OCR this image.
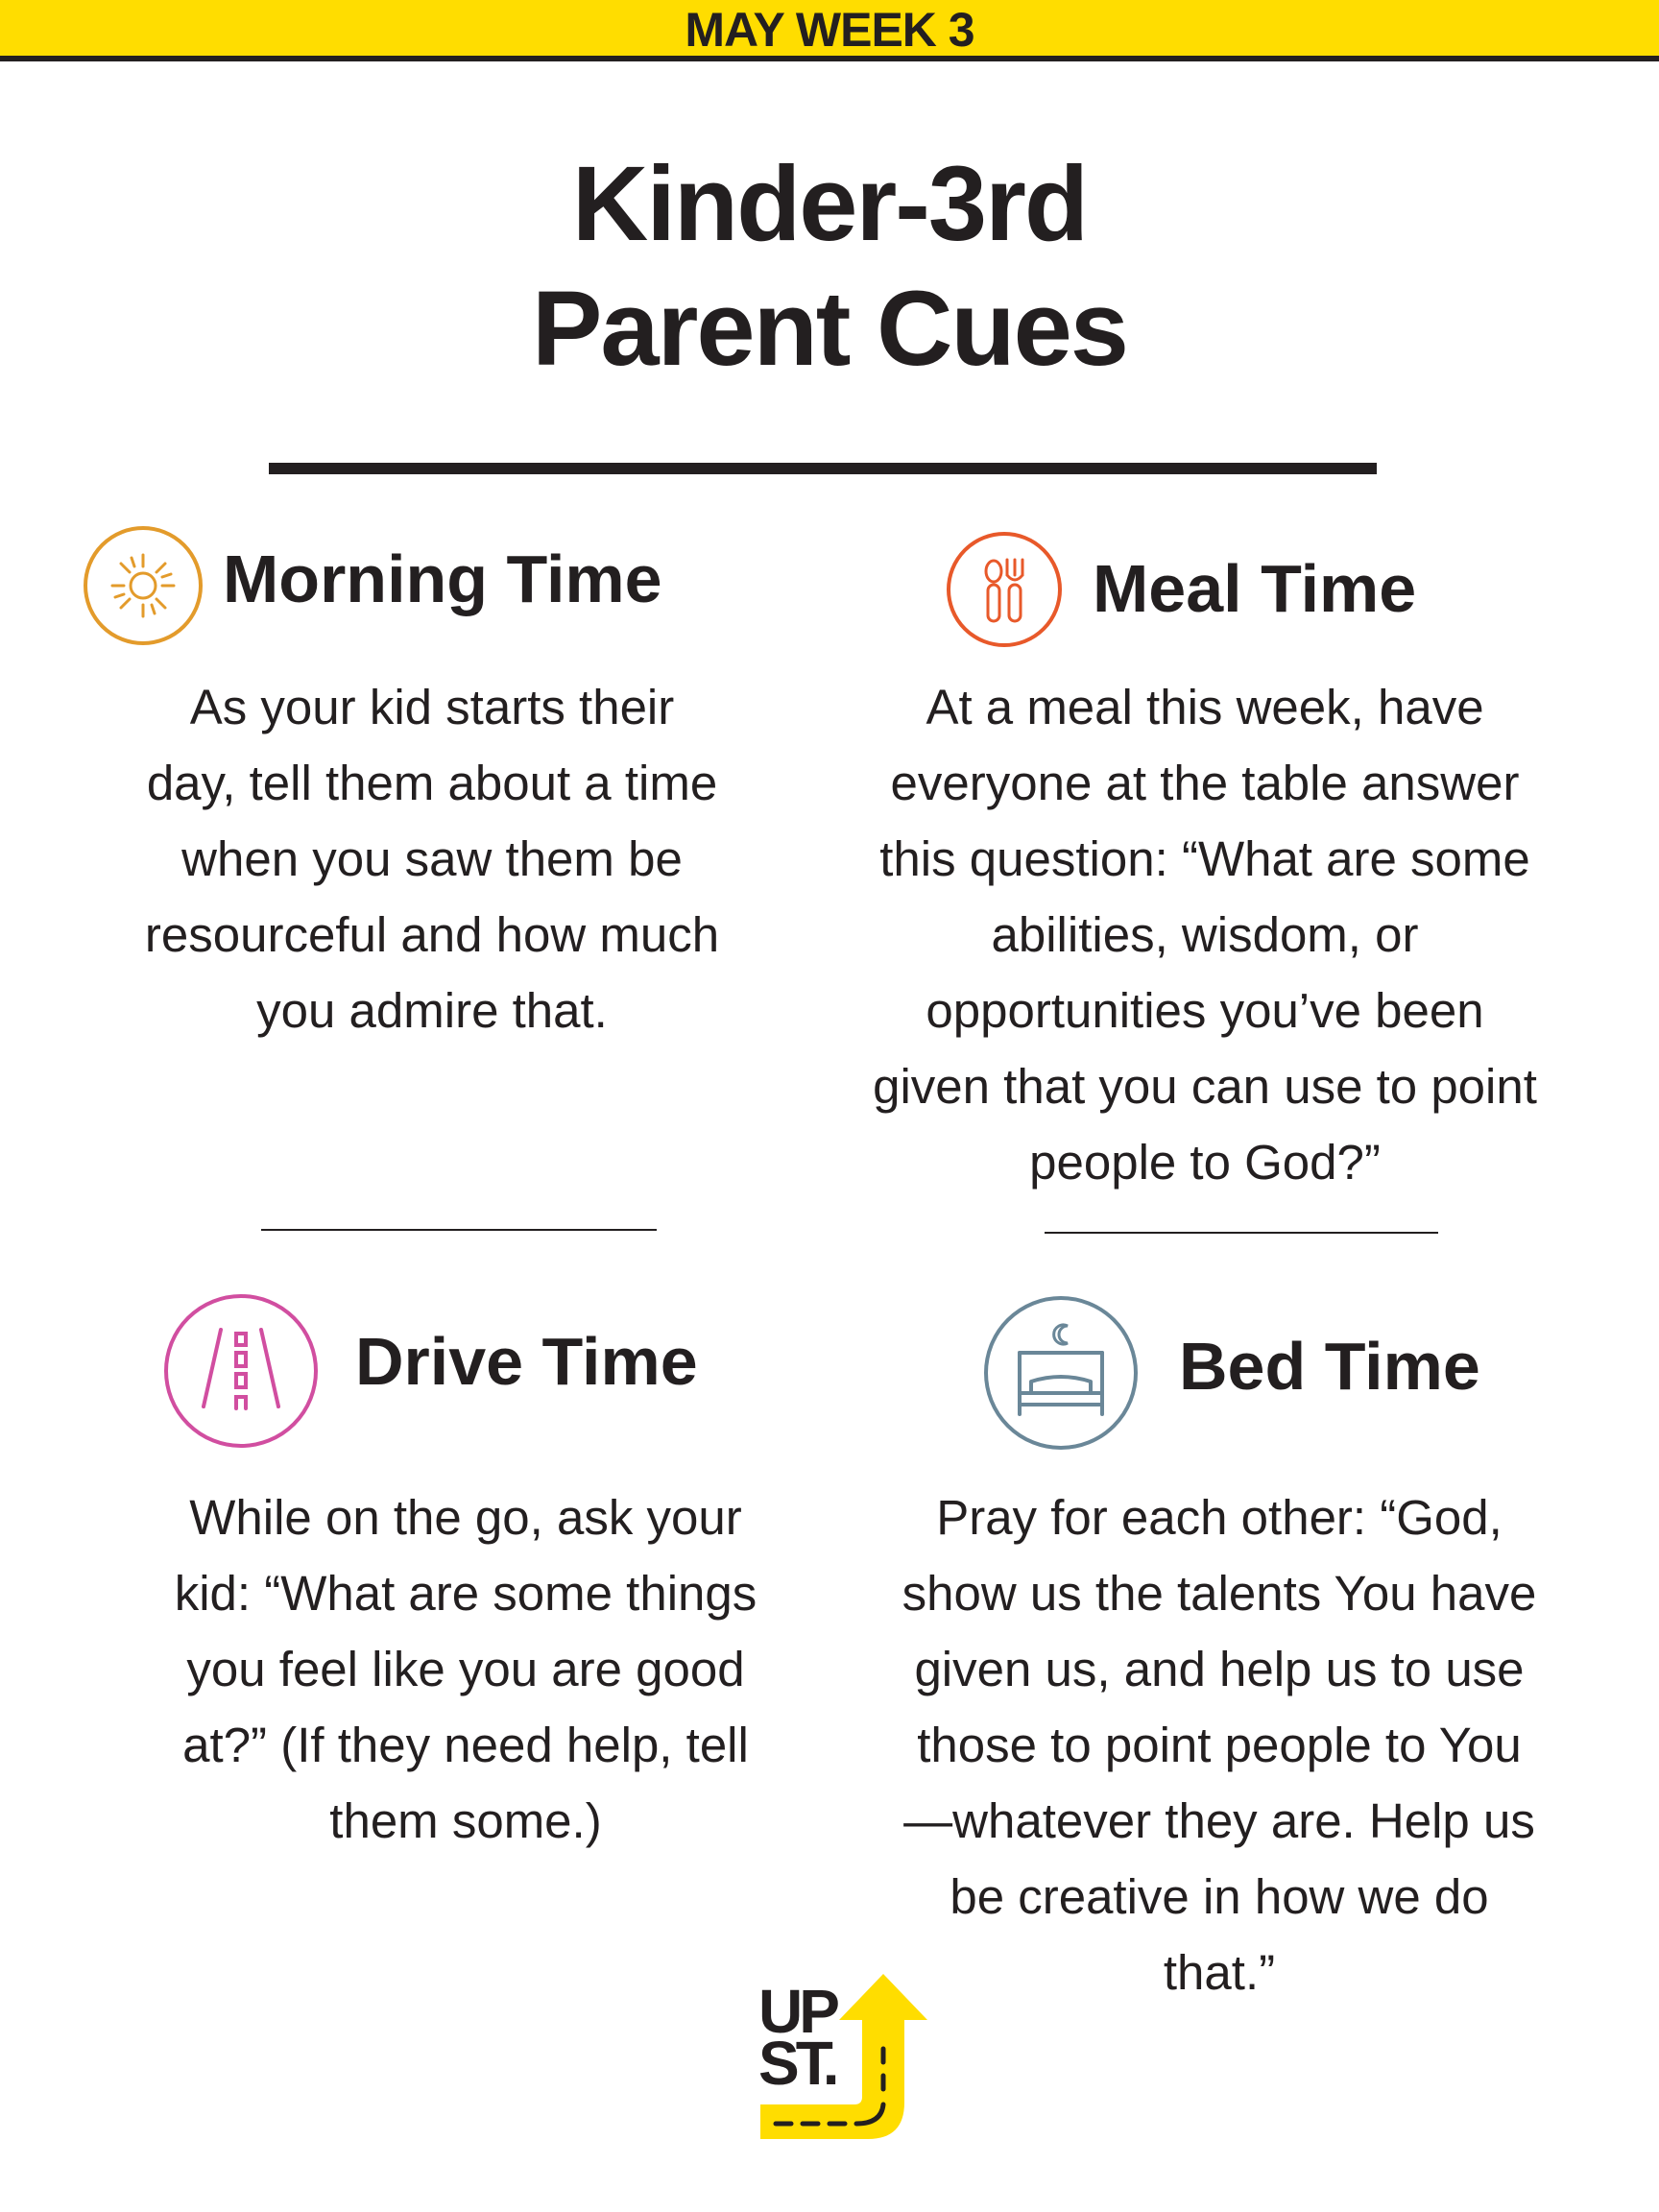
MAY WEEK 3
Kinder-3rd
Parent Cues
Morning Time
As your kid starts their
day, tell them about a time
when you saw them be
resourceful and how much
you admire that.
Meal Time
At a meal this week, have
everyone at the table answer
this question: “What are some
abilities, wisdom, or
opportunities you’ve been
given that you can use to point
people to God?”
Drive Time
While on the go, ask your
kid: “What are some things
you feel like you are good
at?” (If they need help, tell
them some.)
Bed Time
Pray for each other: “God,
show us the talents You have
given us, and help us to use
those to point people to You
—whatever they are. Help us
be creative in how we do
that.”
UP
ST.
